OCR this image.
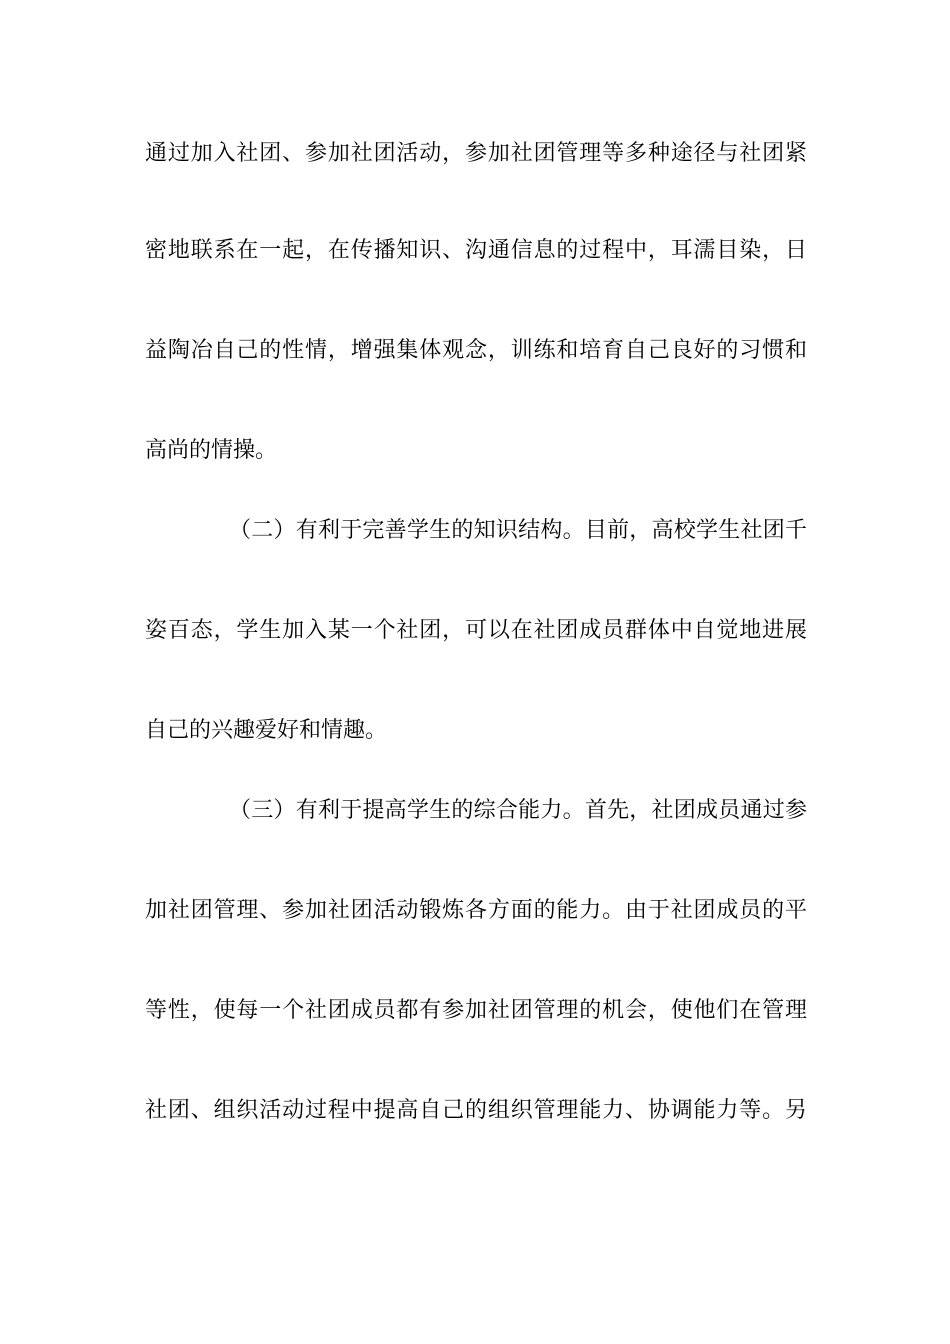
通过加入社团、参加社团活动，参加社团管理等多种途径与社团紧
密地联系在一起，在传播知识、沟通信息的过程中，耳濡目染，日
益陶冶自己的性情，增强集体观念，训练和培育自己良好的习惯和
高尚的情操。
（二）有利于完善学生的知识结构。目前，高校学生社团千
姿百态，学生加入某一个社团，可以在社团成员群体中自觉地进展
自己的兴趣爱好和情趣。
（三）有利于提高学生的综合能力。首先，社团成员通过参
加社团管理、参加社团活动锻炼各方面的能力。由于社团成员的平
等性，使每一个社团成员都有参加社团管理的机会，使他们在管理
社团、组织活动过程中提高自己的组织管理能力、协调能力等。另
